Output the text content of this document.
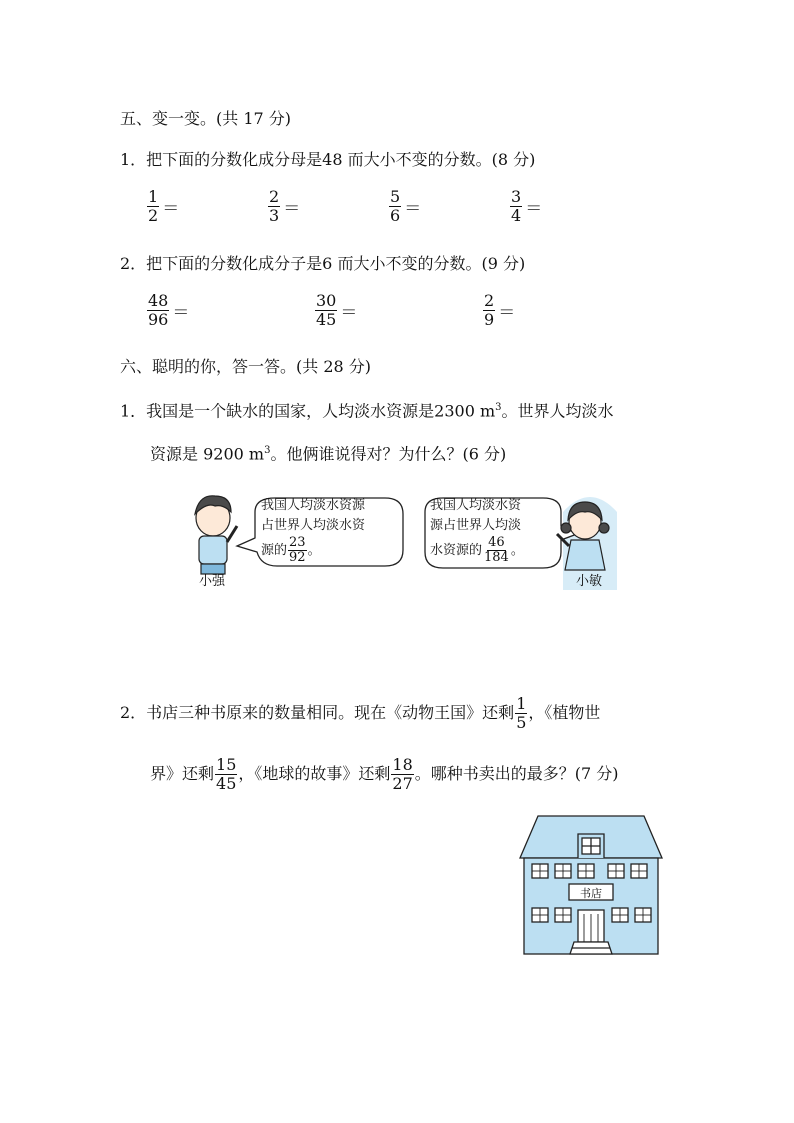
五、变一变。(共 17 分)
1．把下面的分数化成分母是48 而大小不变的分数。(8 分)
$\frac{1}{2}$ ＝	$\frac{2}{3}$ ＝	$\frac{5}{6}$ ＝	$\frac{3}{4}$ ＝
2．把下面的分数化成分子是6 而大小不变的分数。(9 分)
$\frac{48}{96}$ ＝	$\frac{30}{45}$ ＝	$\frac{2}{9}$ ＝
六、聪明的你，答一答。(共 28 分)
1．我国是一个缺水的国家，人均淡水资源是2300 $m^3$。世界人均淡水
资源是 9200 $m^3$。他俩谁说得对？为什么？(6 分)
我国人均淡水资源
占世界人均淡水资
源的 $\frac{23}{92}$ 。
小强
我国人均淡水资
源占世界人均淡
水资源的 $\frac{46}{184}$ 。
小敏
2．书店三种书原来的数量相同。现在《动物王国》还剩 $\frac{1}{5}$ ，《植物世
界》还剩 $\frac{15}{45}$ ，《地球的故事》还剩 $\frac{18}{27}$ 。哪种书卖出的最多？(7 分)
书店
